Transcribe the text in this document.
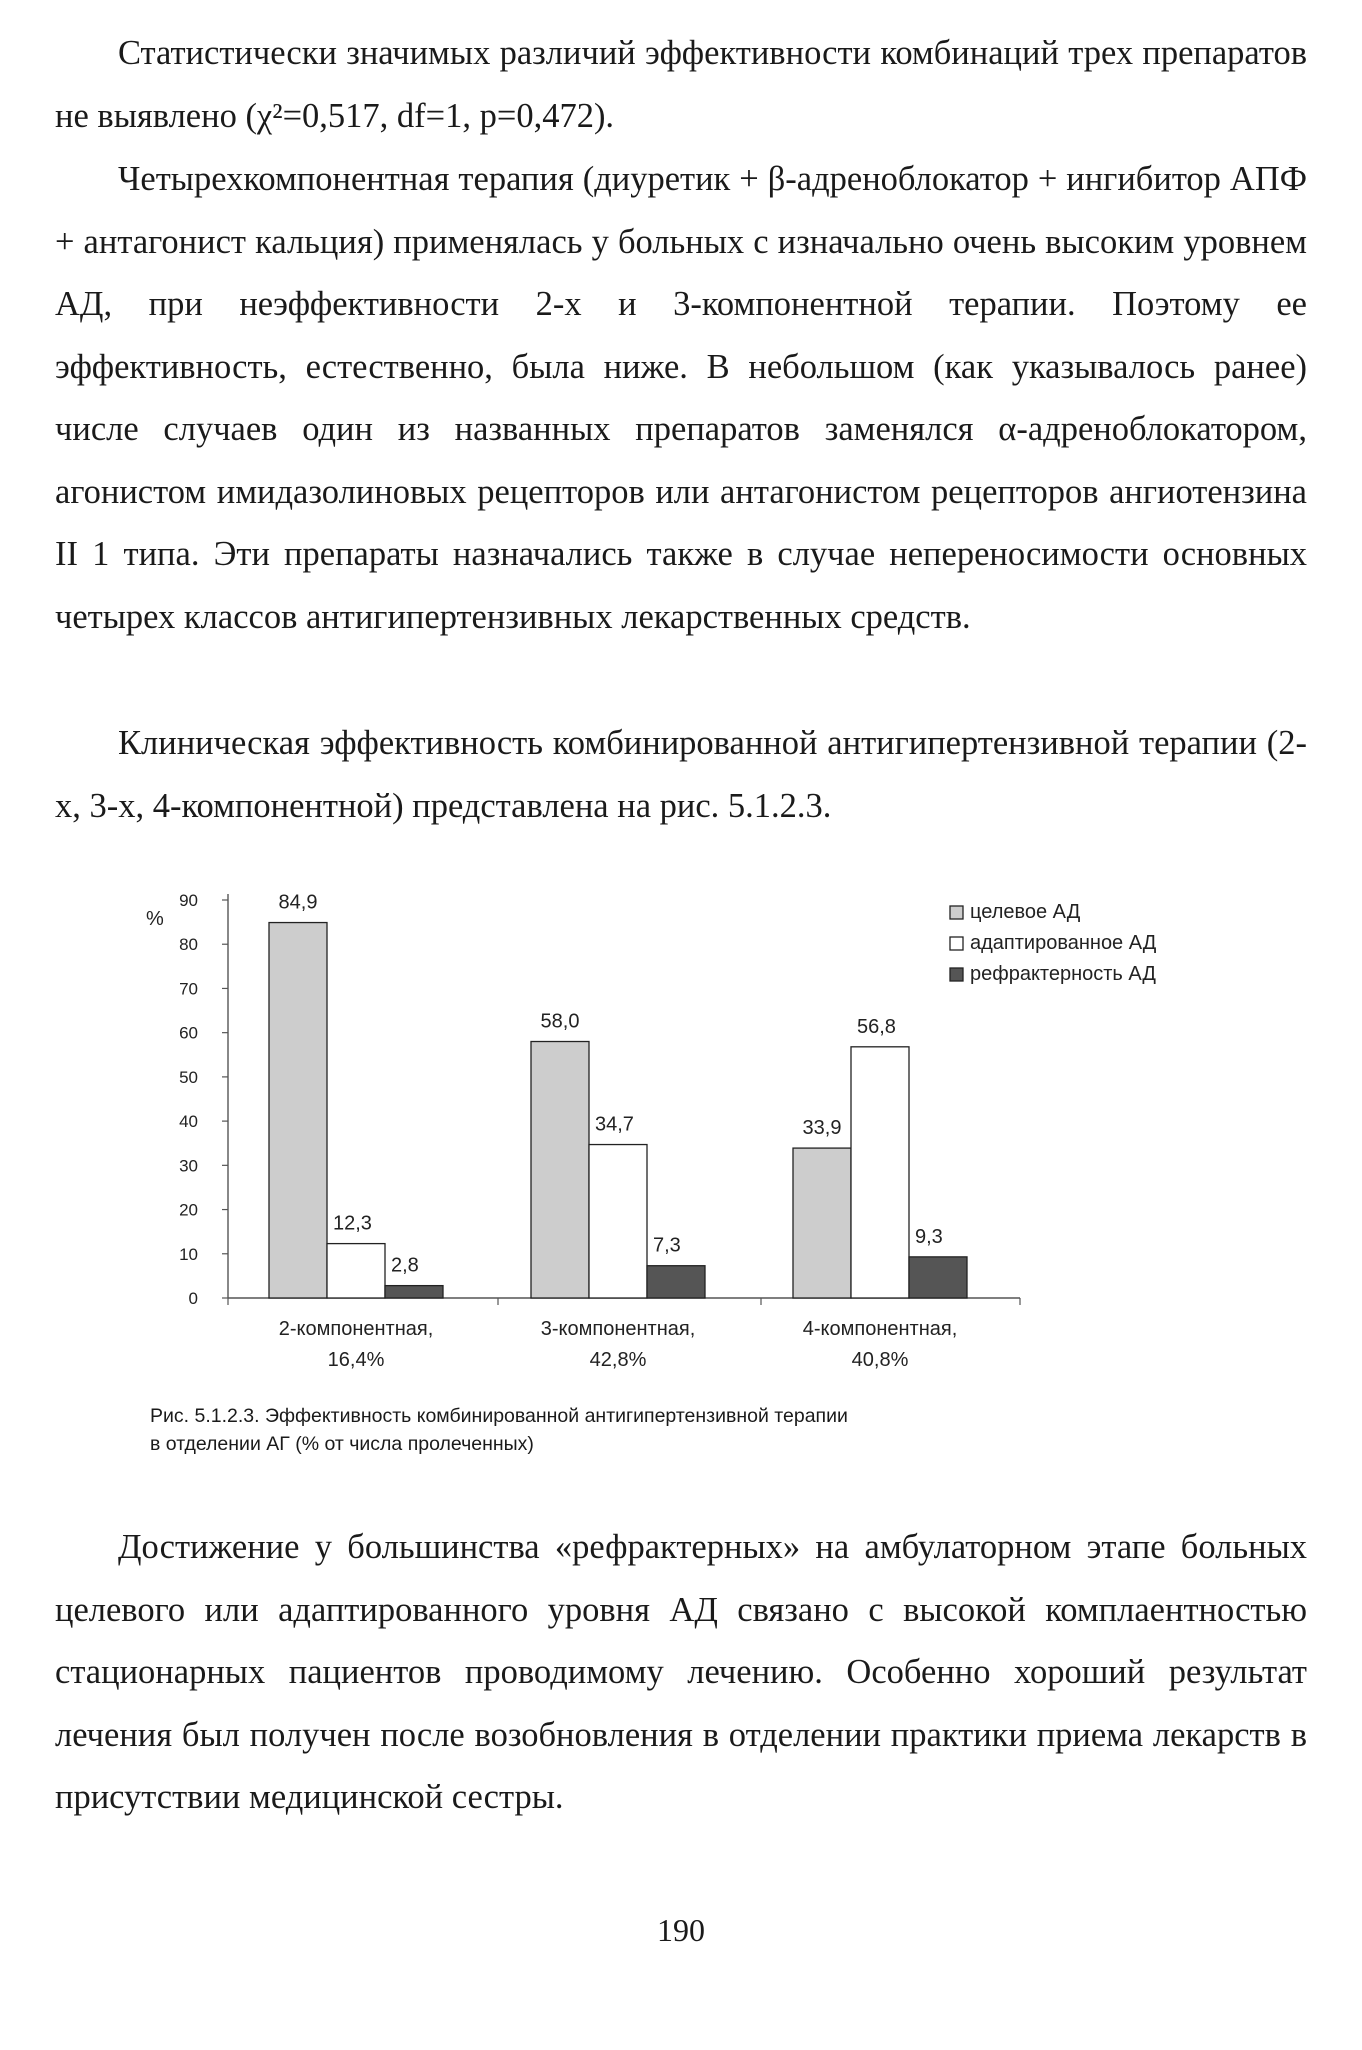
Статистически значимых различий эффективности комбинаций трех препаратов не выявлено (χ²=0,517, df=1, p=0,472).

Четырехкомпонентная терапия (диуретик + β-адреноблокатор + ингибитор АПФ + антагонист кальция) применялась у больных с изначально очень высоким уровнем АД, при неэффективности 2-х и 3-компонентной терапии. Поэтому ее эффективность, естественно, была ниже. В небольшом (как указывалось ранее) числе случаев один из названных препаратов заменялся α-адреноблокатором, агонистом имидазолиновых рецепторов или антагонистом рецепторов ангиотензина II 1 типа. Эти препараты назначались также в случае непереносимости основных четырех классов антигипертензивных лекарственных средств.

Клиническая эффективность комбинированной антигипертензивной терапии (2-х, 3-х, 4-компонентной) представлена на рис. 5.1.2.3.

0
10
20
30
40
50
60
70
80
90
%
84,9
58,0
33,9
12,3
34,7
56,8
2,8
7,3	9,3
2-компонентная,
16,4%
3-компонентная,
42,8%
4-компонентная,
40,8%
целевое АД
адаптированное АД
рефрактерность АД

Рис. 5.1.2.3. Эффективность комбинированной антигипертензивной терапии
в отделении АГ (% от числа пролеченных)

Достижение у большинства «рефрактерных» на амбулаторном этапе больных целевого или адаптированного уровня АД связано с высокой комплаентностью стационарных пациентов проводимому лечению. Особенно хороший результат лечения был получен после возобновления в отделении практики приема лекарств в присутствии медицинской сестры.

190
